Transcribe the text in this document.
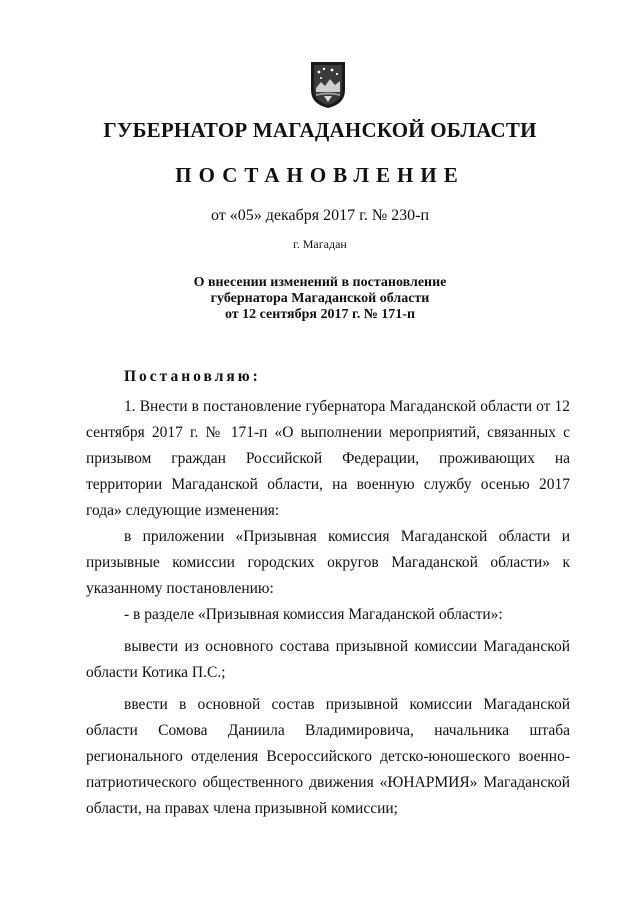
ГУБЕРНАТОР МАГАДАНСКОЙ ОБЛАСТИ
ПОСТАНОВЛЕНИЕ
от «05» декабря 2017 г. № 230-п
г. Магадан
О внесении изменений в постановление
губернатора Магаданской области
от 12 сентября 2017 г. № 171-п
Постановляю:

1. Внести в постановление губернатора Магаданской области от 12 сентября 2017 г. № 171-п «О выполнении мероприятий, связанных с призывом граждан Российской Федерации, проживающих на территории Магаданской области, на военную службу осенью 2017 года» следующие изменения:

в приложении «Призывная комиссия Магаданской области и призывные комиссии городских округов Магаданской области» к указанному постановлению:

- в разделе «Призывная комиссия Магаданской области»:

вывести из основного состава призывной комиссии Магаданской области Котика П.С.;

ввести в основной состав призывной комиссии Магаданской области Сомова Даниила Владимировича, начальника штаба регионального отделения Всероссийского детско-юношеского военно-патриотического общественного движения «ЮНАРМИЯ» Магаданской области, на правах члена призывной комиссии;
